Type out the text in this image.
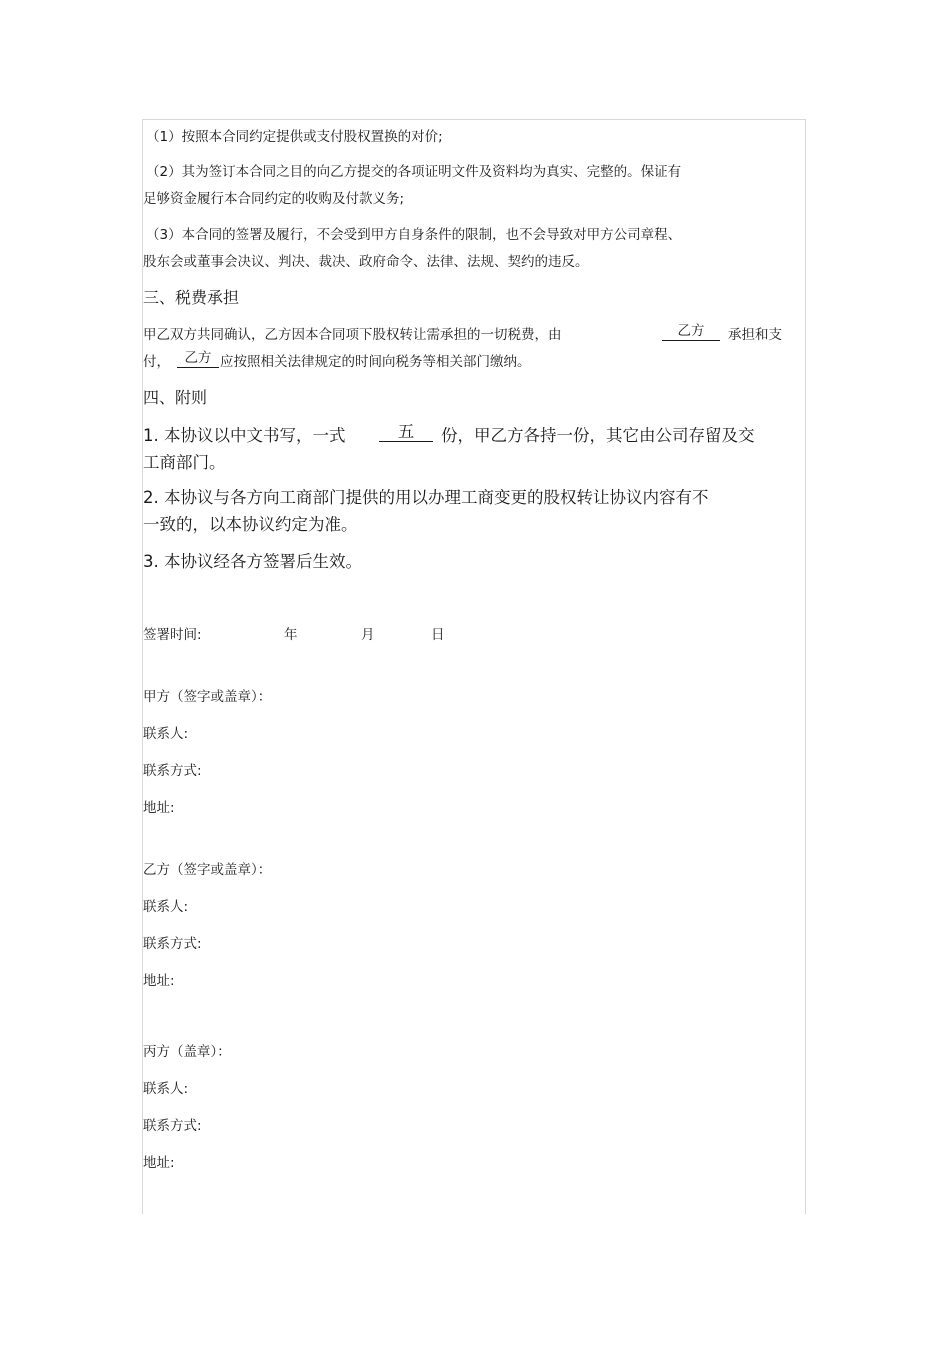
（1）按照本合同约定提供或支付股权置换的对价;
（2）其为签订本合同之目的向乙方提交的各项证明文件及资料均为真实、完整的。保证有
足够资金履行本合同约定的收购及付款义务;
（3）本合同的签署及履行，不会受到甲方自身条件的限制，也不会导致对甲方公司章程、
股东会或董事会决议、判决、裁决、政府命令、法律、法规、契约的违反。
三、税费承担
甲乙双方共同确认，乙方因本合同项下股权转让需承担的一切税费，由	乙方	承担和支
付，	乙方 应按照相关法律规定的时间向税务等相关部门缴纳。
四、附则
1. 本协议以中文书写，一式	五	份，甲乙方各持一份，其它由公司存留及交
工商部门。
2. 本协议与各方向工商部门提供的用以办理工商变更的股权转让协议内容有不
一致的，以本协议约定为准。
3. 本协议经各方签署后生效。
签署时间:	年	月	日
甲方（签字或盖章）：
联系人:
联系方式:
地址:
乙方（签字或盖章）：
联系人:
联系方式:
地址:
丙方（盖章）：
联系人:
联系方式:
地址:
